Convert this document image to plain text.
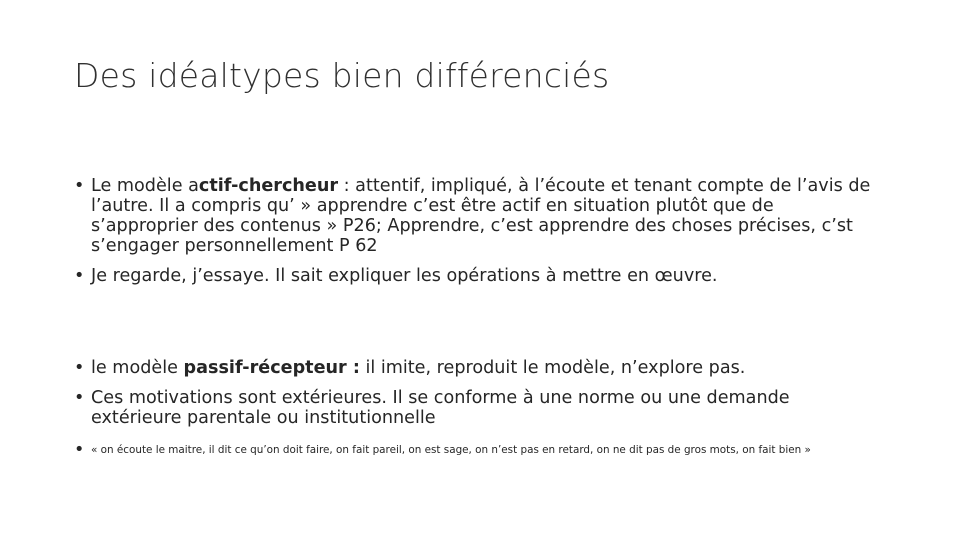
Des idéaltypes bien différenciés
• Le modèle actif-chercheur : attentif, impliqué, à l’écoute et tenant compte de l’avis de l’autre. Il a compris qu’ » apprendre c’est être actif en situation plutôt que de s’approprier des contenus » P26; Apprendre, c’est apprendre des choses précises, c’st s’engager personnellement P 62
• Je regarde, j’essaye. Il sait expliquer les opérations à mettre en œuvre.
• le modèle passif-récepteur : il imite, reproduit le modèle, n’explore pas.
• Ces motivations sont extérieures. Il se conforme à une norme ou une demande extérieure parentale ou institutionnelle
• « on écoute le maitre, il dit ce qu’on doit faire, on fait pareil, on est sage, on n’est pas en retard, on ne dit pas de gros mots, on fait bien »
